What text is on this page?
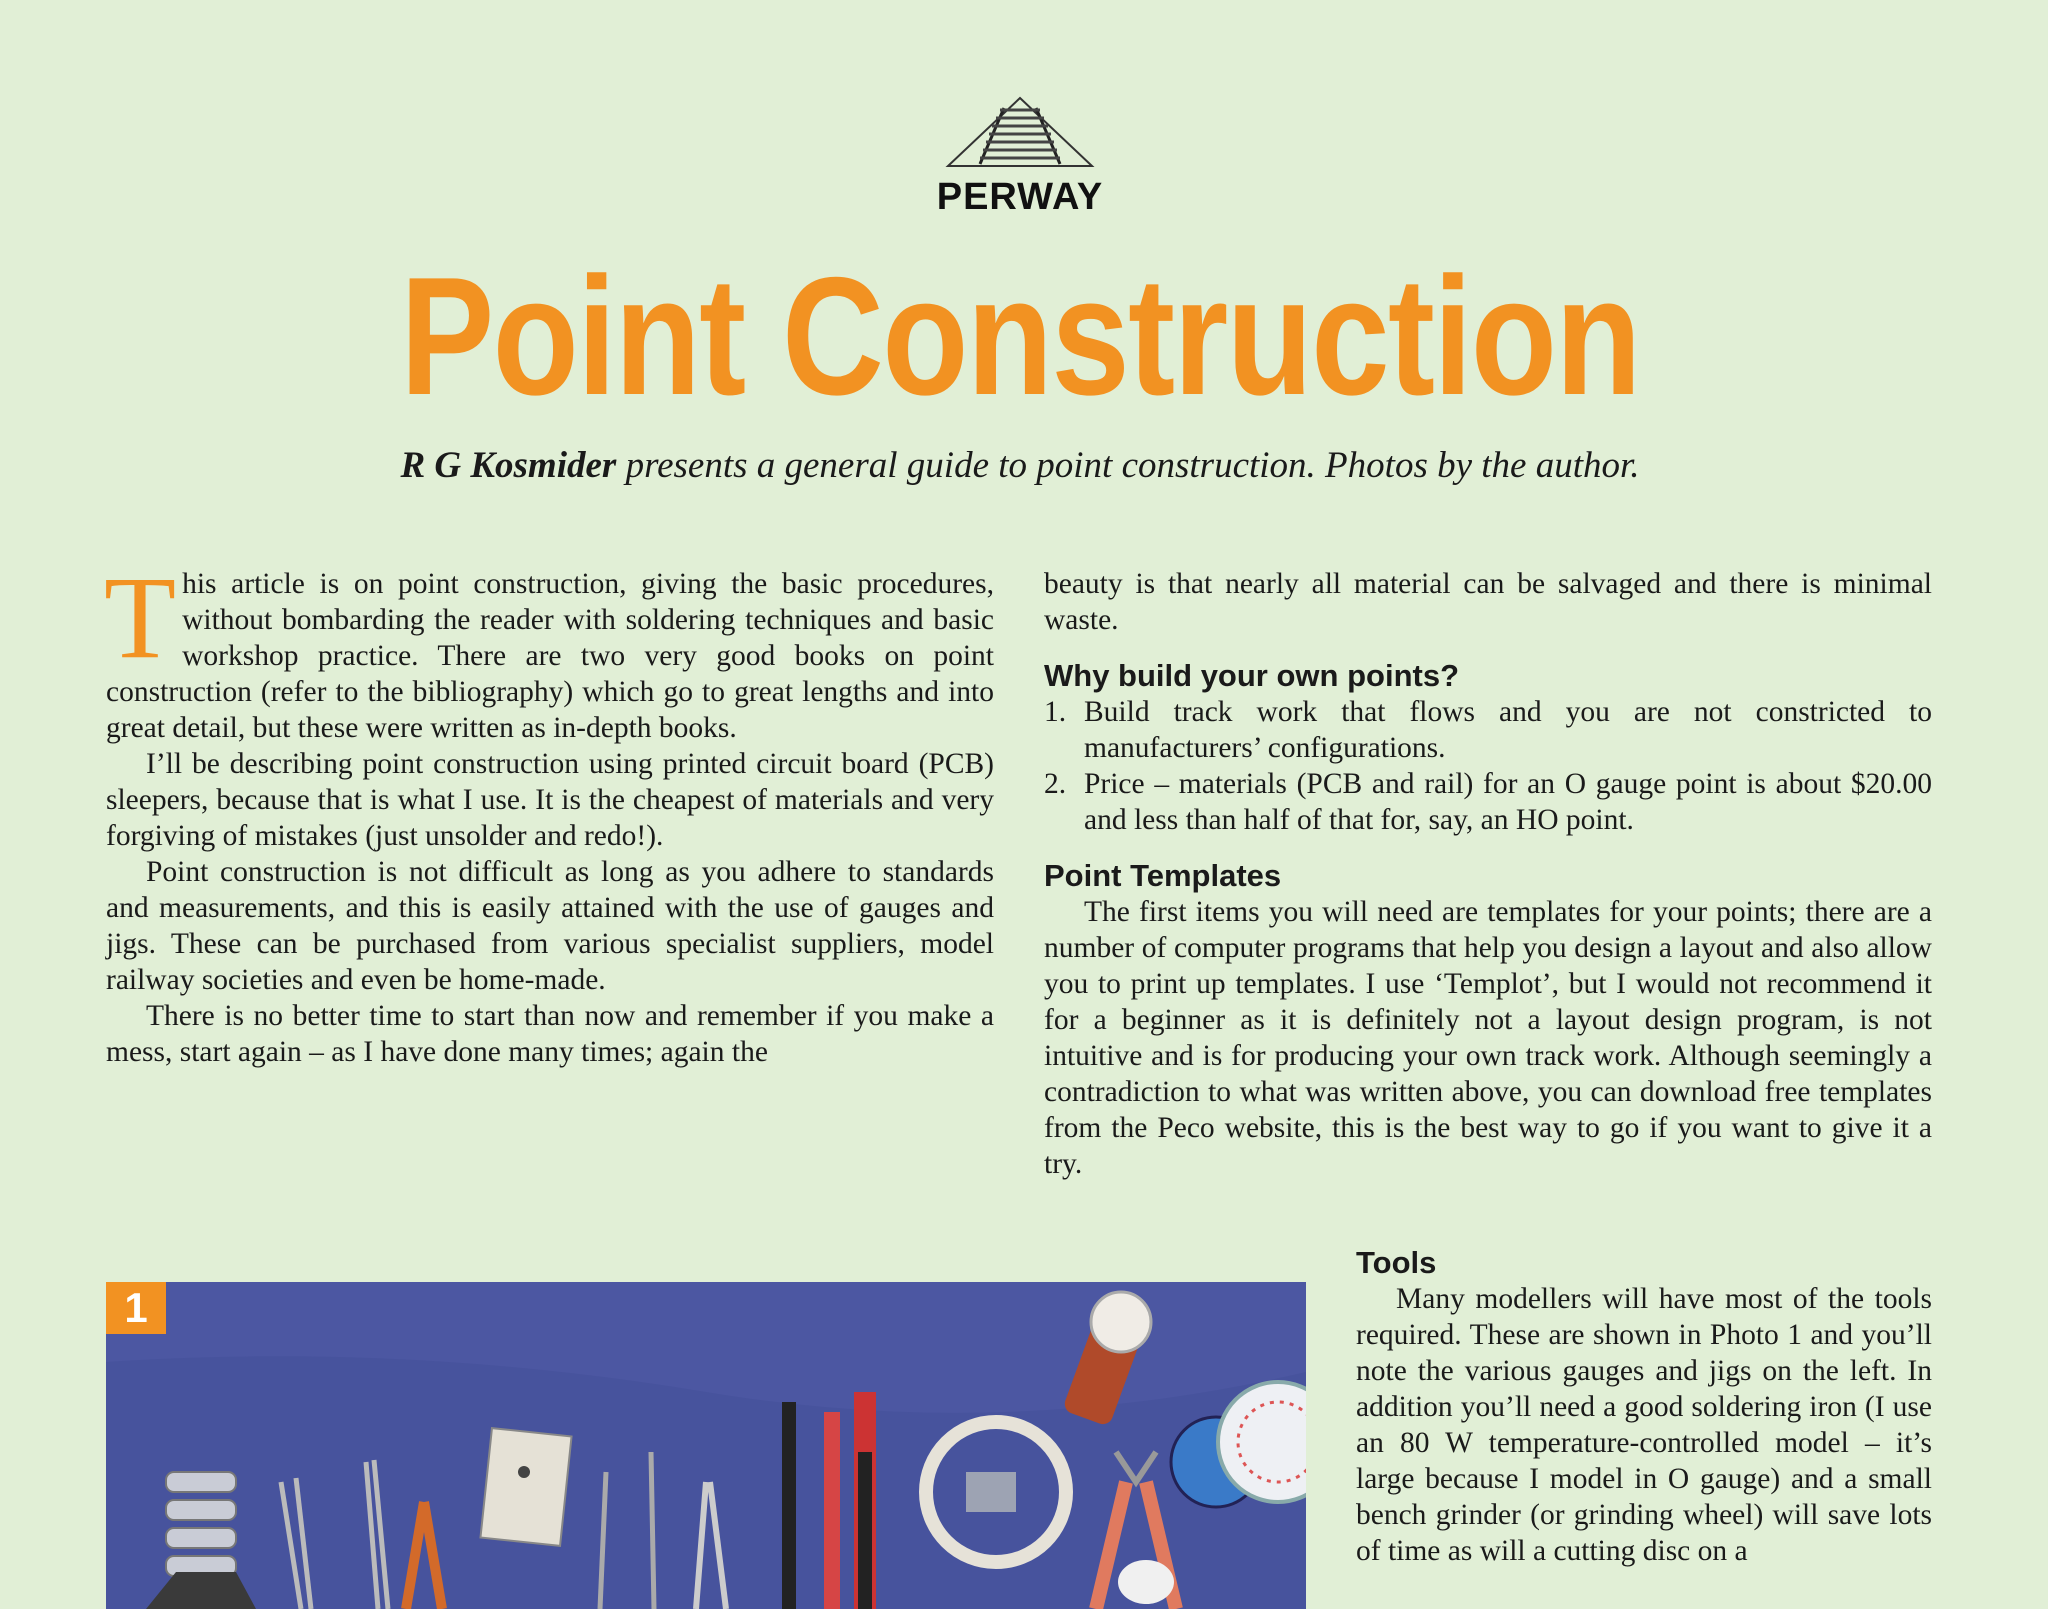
PERWAY
Point Construction
R G Kosmider presents a general guide to point construction. Photos by the author.

This article is on point construction, giving the basic procedures, without bombarding the reader with soldering techniques and basic workshop practice. There are two very good books on point construction (refer to the bibliography) which go to great lengths and into great detail, but these were written as in-depth books.

I’ll be describing point construction using printed circuit board (PCB) sleepers, because that is what I use. It is the cheapest of materials and very forgiving of mistakes (just unsolder and redo!).

Point construction is not difficult as long as you adhere to standards and measurements, and this is easily attained with the use of gauges and jigs. These can be purchased from various specialist suppliers, model railway societies and even be home-made.

There is no better time to start than now and remember if you make a mess, start again – as I have done many times; again the

beauty is that nearly all material can be salvaged and there is minimal waste.

Why build your own points?
1. Build track work that flows and you are not constricted to manufacturers’ configurations.
2. Price – materials (PCB and rail) for an O gauge point is about $20.00 and less than half of that for, say, an HO point.
Point Templates

The first items you will need are templates for your points; there are a number of computer programs that help you design a layout and also allow you to print up templates. I use ‘Templot’, but I would not recommend it for a beginner as it is definitely not a layout design program, is not intuitive and is for producing your own track work. Although seemingly a contradiction to what was written above, you can download free templates from the Peco website, this is the best way to go if you want to give it a try.

Tools

Many modellers will have most of the tools required. These are shown in Photo 1 and you’ll note the various gauges and jigs on the left. In addition you’ll need a good soldering iron (I use an 80 W temperature-controlled model – it’s large because I model in O gauge) and a small bench grinder (or grinding wheel) will save lots of time as will a cutting disc on a

1
